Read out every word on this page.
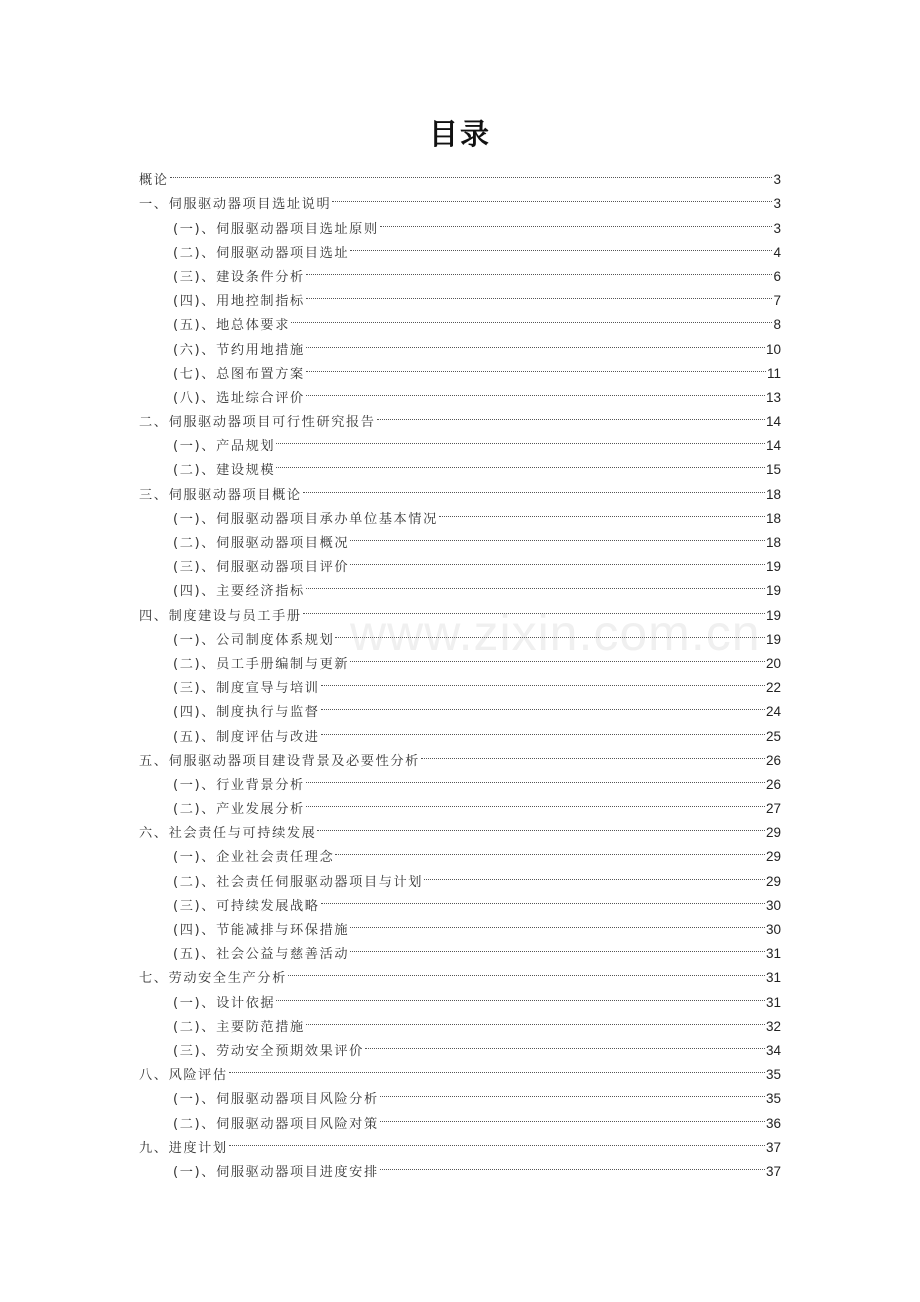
目录
概论	3
一、伺服驱动器项目选址说明	3
(一)、伺服驱动器项目选址原则	3
(二)、伺服驱动器项目选址	4
(三)、建设条件分析	6
(四)、用地控制指标	7
(五)、地总体要求	8
(六)、节约用地措施	10
(七)、总图布置方案	11
(八)、选址综合评价	13
二、伺服驱动器项目可行性研究报告	14
(一)、产品规划	14
(二)、建设规模	15
三、伺服驱动器项目概论	18
(一)、伺服驱动器项目承办单位基本情况	18
(二)、伺服驱动器项目概况	18
(三)、伺服驱动器项目评价	19
(四)、主要经济指标	19
四、制度建设与员工手册	19
(一)、公司制度体系规划	19
(二)、员工手册编制与更新	20
(三)、制度宣导与培训	22
(四)、制度执行与监督	24
(五)、制度评估与改进	25
五、伺服驱动器项目建设背景及必要性分析	26
(一)、行业背景分析	26
(二)、产业发展分析	27
六、社会责任与可持续发展	29
(一)、企业社会责任理念	29
(二)、社会责任伺服驱动器项目与计划	29
(三)、可持续发展战略	30
(四)、节能减排与环保措施	30
(五)、社会公益与慈善活动	31
七、劳动安全生产分析	31
(一)、设计依据	31
(二)、主要防范措施	32
(三)、劳动安全预期效果评价	34
八、风险评估	35
(一)、伺服驱动器项目风险分析	35
(二)、伺服驱动器项目风险对策	36
九、进度计划	37
(一)、伺服驱动器项目进度安排	37
www.zixin.com.cn
